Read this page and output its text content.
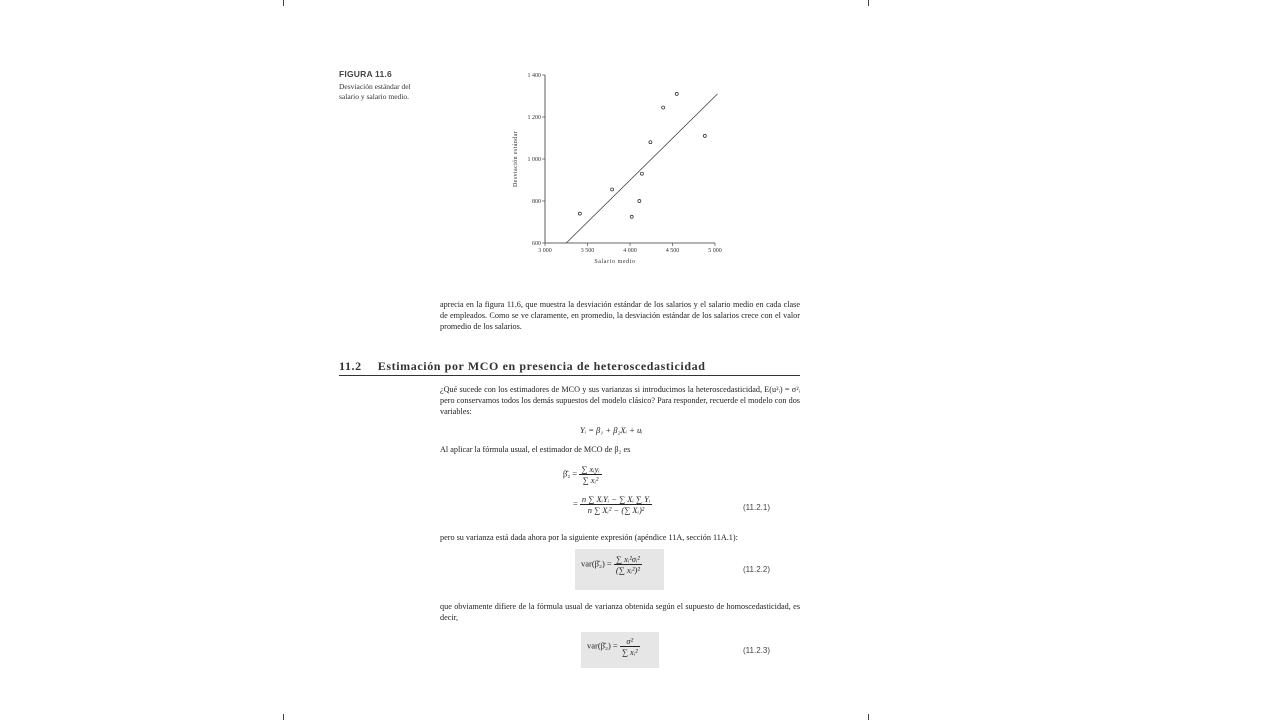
FIGURA 11.6
Desviación estándar del salario y salario medio.
600
800
1 000
1 200
1 400
3 000	3 500	4 000	4 500	5 000
Salario medio
Desviación estándar
aprecia en la figura 11.6, que muestra la desviación estándar de los salarios y el salario medio en cada clase de empleados. Como se ve claramente, en promedio, la desviación estándar de los salarios crece con el valor promedio de los salarios.
11.2 Estimación por MCO en presencia de heteroscedasticidad
¿Qué sucede con los estimadores de MCO y sus varianzas si introducimos la heteroscedasticidad, E(u²ᵢ) = σ²ᵢ pero conservamos todos los demás supuestos del modelo clásico? Para responder, recuerde el modelo con dos variables:
Yᵢ = β₁ + β₂Xᵢ + uᵢ
Al aplicar la fórmula usual, el estimador de MCO de β₂ es
β̂₂ = $\frac{\text{∑ xᵢyᵢ}}{\text{∑ xᵢ²}}$
= $\frac{\text{n ∑ XᵢYᵢ − ∑ Xᵢ ∑ Yᵢ}}{\text{n ∑ Xᵢ² − (∑ Xᵢ)²}}$	(11.2.1)
pero su varianza está dada ahora por la siguiente expresión (apéndice 11A, sección 11A.1):
var(β̂₂) = $\frac{\text{∑ xᵢ²σᵢ²}}{\text{(∑ xᵢ²)²}}$	(11.2.2)
que obviamente difiere de la fórmula usual de varianza obtenida según el supuesto de homoscedasticidad, es decir,
var(β̂₂) = $\frac{\text{σ²}}{\text{∑ xᵢ²}}$	(11.2.3)
